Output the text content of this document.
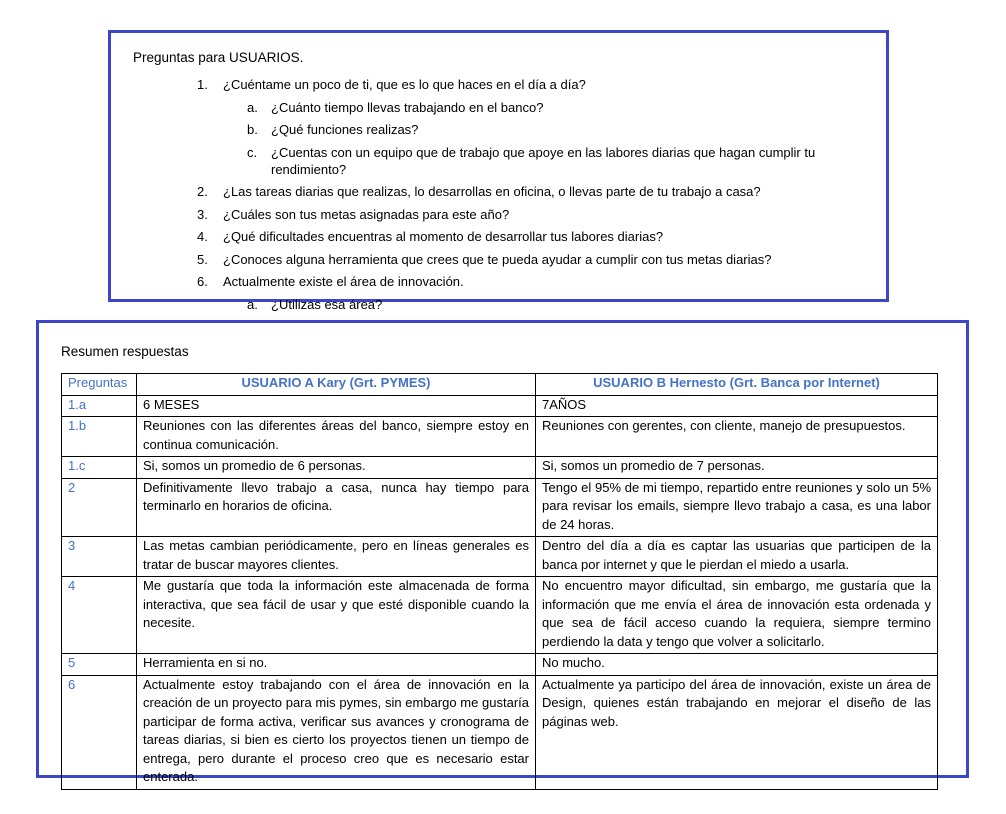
Preguntas para USUARIOS.
1.	¿Cuéntame un poco de ti, que es lo que haces en el día a día?
a.	¿Cuánto tiempo llevas trabajando en el banco?
b.	¿Qué funciones realizas?
c.	¿Cuentas con un equipo que de trabajo que apoye en las labores diarias que hagan cumplir tu rendimiento?
2.	¿Las tareas diarias que realizas, lo desarrollas en oficina, o llevas parte de tu trabajo a casa?
3.	¿Cuáles son tus metas asignadas para este año?
4.	¿Qué dificultades encuentras al momento de desarrollar tus labores diarias?
5.	¿Conoces alguna herramienta que crees que te pueda ayudar a cumplir con tus metas diarias?
6.	Actualmente existe el área de innovación.
a.	¿Utilizas esa área?
Resumen respuestas
Preguntas	USUARIO A Kary (Grt. PYMES)	USUARIO B Hernesto (Grt. Banca por Internet)
1.a	6 MESES	7AÑOS
1.b	Reuniones con las diferentes áreas del banco, siempre estoy en continua comunicación.	Reuniones con gerentes, con cliente, manejo de presupuestos.
1.c	Si, somos un promedio de 6 personas.	Si, somos un promedio de 7 personas.
2	Definitivamente llevo trabajo a casa, nunca hay tiempo para terminarlo en horarios de oficina.	Tengo el 95% de mi tiempo, repartido entre reuniones y solo un 5% para revisar los emails, siempre llevo trabajo a casa, es una labor de 24 horas.
3	Las metas cambian periódicamente, pero en líneas generales es tratar de buscar mayores clientes.	Dentro del día a día es captar las usuarias que participen de la banca por internet y que le pierdan el miedo a usarla.
4	Me gustaría que toda la información este almacenada de forma interactiva, que sea fácil de usar y que esté disponible cuando la necesite.	No encuentro mayor dificultad, sin embargo, me gustaría que la información que me envía el área de innovación esta ordenada y que sea de fácil acceso cuando la requiera, siempre termino perdiendo la data y tengo que volver a solicitarlo.
5	Herramienta en si no.	No mucho.
6	Actualmente estoy trabajando con el área de innovación en la creación de un proyecto para mis pymes, sin embargo me gustaría participar de forma activa, verificar sus avances y cronograma de tareas diarias, si bien es cierto los proyectos tienen un tiempo de entrega, pero durante el proceso creo que es necesario estar enterada.	Actualmente ya participo del área de innovación, existe un área de Design, quienes están trabajando en mejorar el diseño de las páginas web.
